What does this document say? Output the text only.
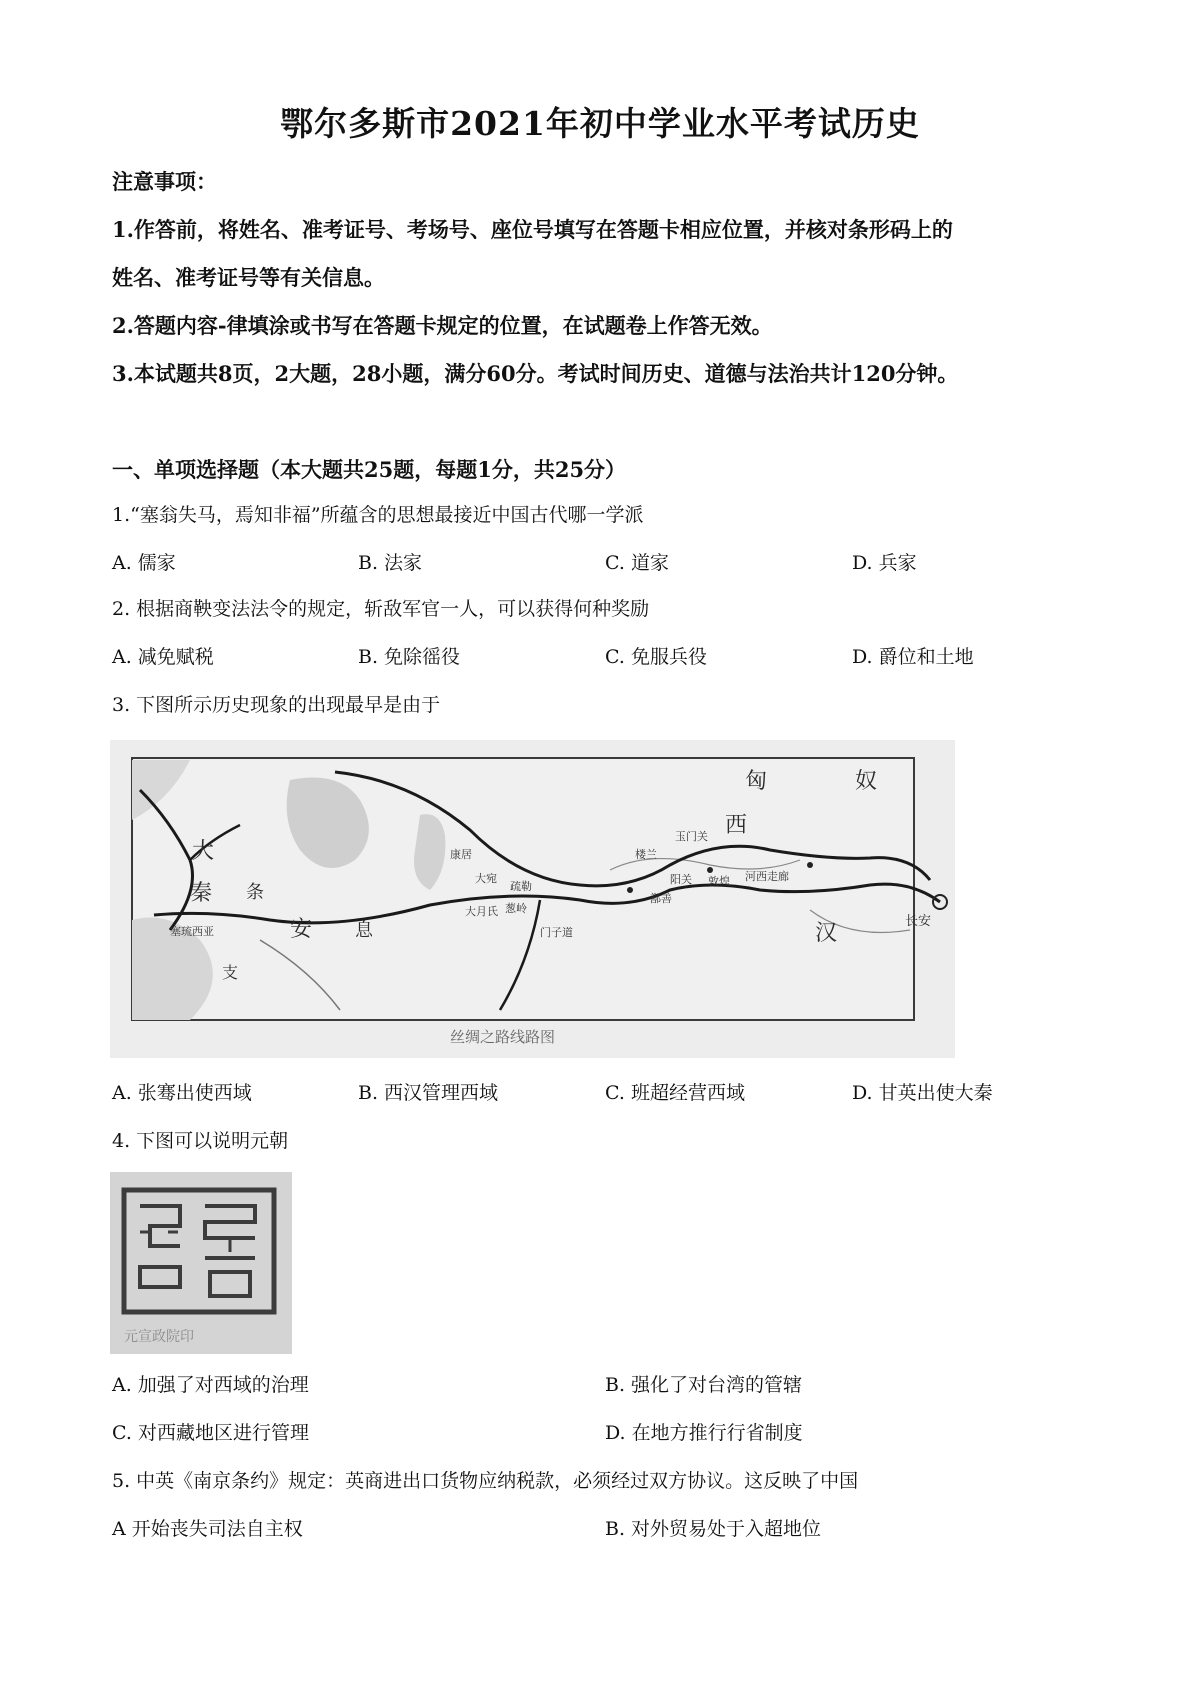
鄂尔多斯市2021年初中学业水平考试历史
注意事项：
1.作答前，将姓名、准考证号、考场号、座位号填写在答题卡相应位置，并核对条形码上的
姓名、准考证号等有关信息。
2.答题内容-律填涂或书写在答题卡规定的位置，在试题卷上作答无效。
3.本试题共8页，2大题，28小题，满分60分。考试时间历史、道德与法治共计120分钟。
一、单项选择题（本大题共25题，每题1分，共25分）
1.“塞翁失马，焉知非福”所蕴含的思想最接近中国古代哪一学派
A. 儒家	B. 法家	C. 道家	D. 兵家
2. 根据商鞅变法法令的规定，斩敌军官一人，可以获得何种奖励
A. 减免赋税	B. 免除徭役	C. 免服兵役	D. 爵位和土地
3. 下图所示历史现象的出现最早是由于
匈	奴
大
秦 条
安 息
支
西
汉	长安
康居
大宛
大月氏
疏勒
葱岭
楼兰
玉门关
敦煌
阳关
鄯善
河西走廊
门子道
塞琉西亚
丝绸之路线路图
A. 张骞出使西域	B. 西汉管理西域	C. 班超经营西域	D. 甘英出使大秦
4. 下图可以说明元朝
元宣政院印
A. 加强了对西域的治理	B. 强化了对台湾的管辖
C. 对西藏地区进行管理	D. 在地方推行行省制度
5. 中英《南京条约》规定：英商进出口货物应纳税款，必须经过双方协议。这反映了中国
A 开始丧失司法自主权	B. 对外贸易处于入超地位
